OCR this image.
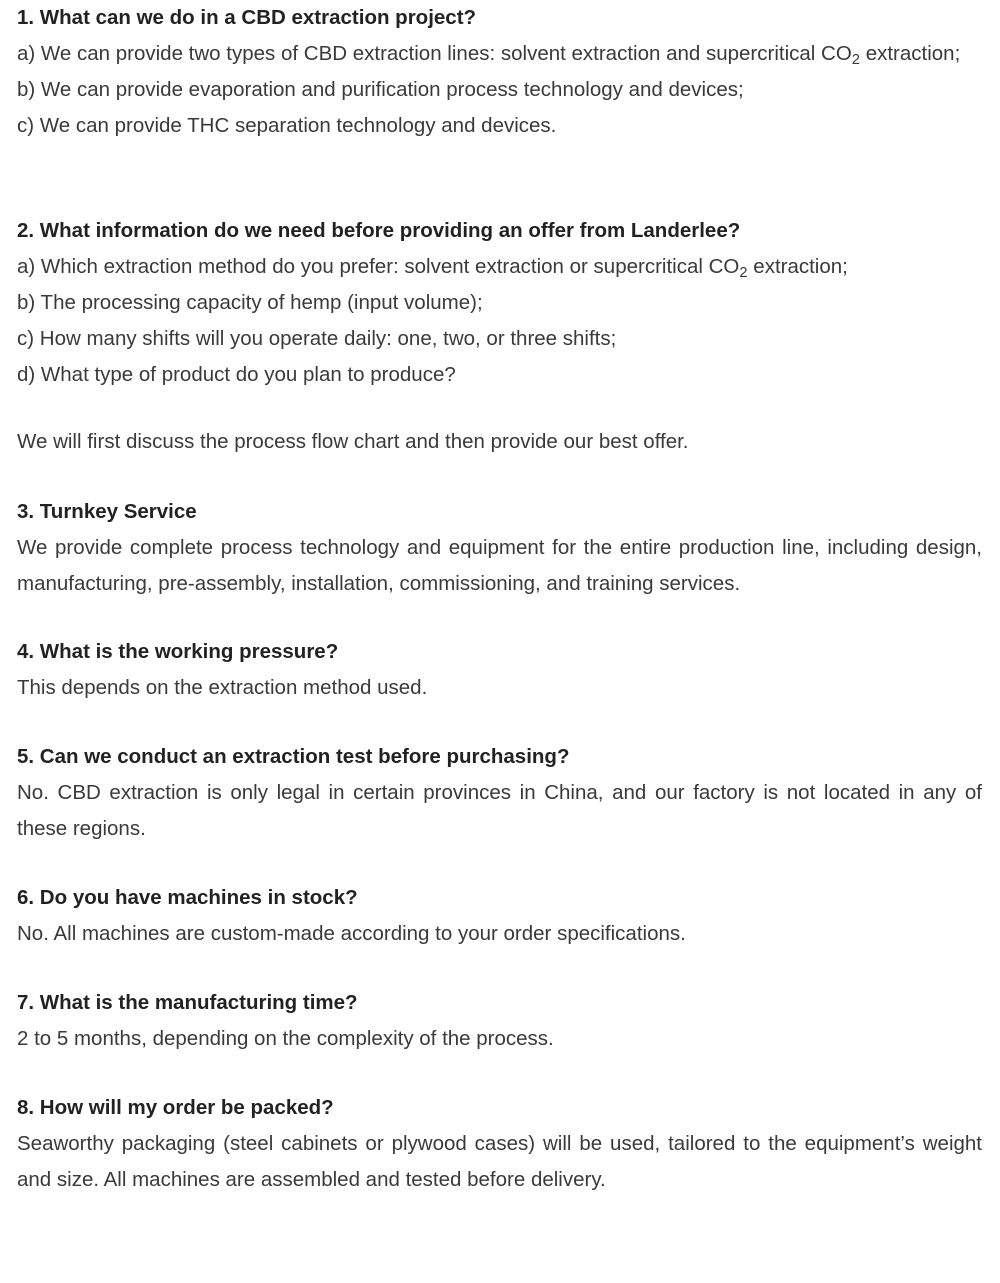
1. What can we do in a CBD extraction project?

a) We can provide two types of CBD extraction lines: solvent extraction and supercritical $CO_2$ extraction;

b) We can provide evaporation and purification process technology and devices;

c) We can provide THC separation technology and devices.

2. What information do we need before providing an offer from Landerlee?

a) Which extraction method do you prefer: solvent extraction or supercritical $CO_2$ extraction;

b) The processing capacity of hemp (input volume);

c) How many shifts will you operate daily: one, two, or three shifts;

d) What type of product do you plan to produce?

We will first discuss the process flow chart and then provide our best offer.

3. Turnkey Service

We provide complete process technology and equipment for the entire production line, including design, manufacturing, pre-assembly, installation, commissioning, and training services.

4. What is the working pressure?

This depends on the extraction method used.

5. Can we conduct an extraction test before purchasing?

No. CBD extraction is only legal in certain provinces in China, and our factory is not located in any of these regions.

6. Do you have machines in stock?

No. All machines are custom-made according to your order specifications.

7. What is the manufacturing time?

2 to 5 months, depending on the complexity of the process.

8. How will my order be packed?

Seaworthy packaging (steel cabinets or plywood cases) will be used, tailored to the equipment’s weight and size. All machines are assembled and tested before delivery.
